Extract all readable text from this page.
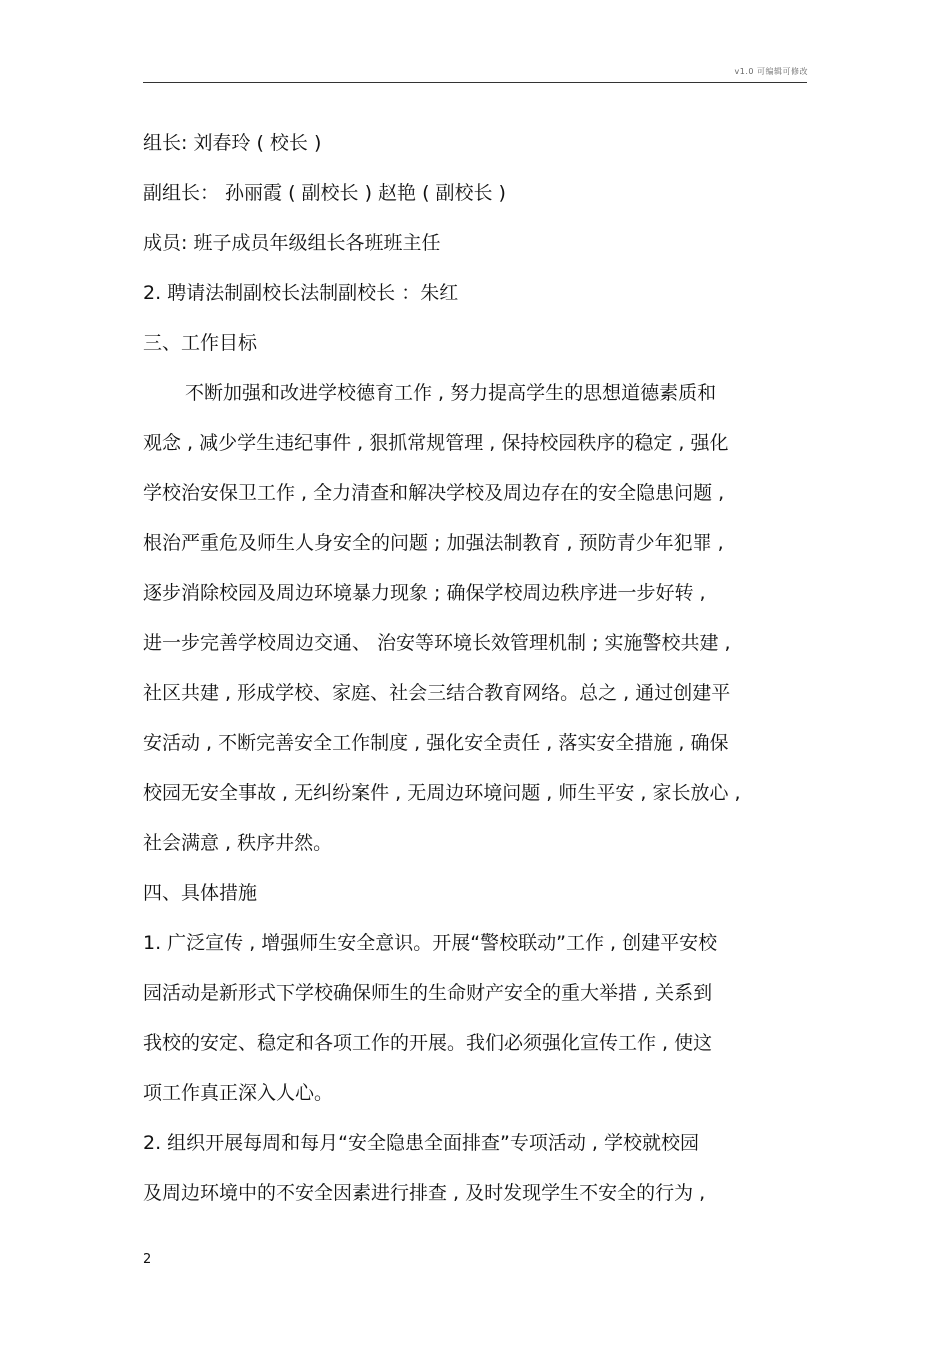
v1.0 可编辑可修改
组长: 刘春玲 ( 校长 )
副组长： 孙丽霞 ( 副校长 ) 赵艳 ( 副校长 )
成员: 班子成员年级组长各班班主任
2. 聘请法制副校长法制副校长 ：朱红
三、工作目标
不断加强和改进学校德育工作 , 努力提高学生的思想道德素质和
观念 , 减少学生违纪事件 , 狠抓常规管理 , 保持校园秩序的稳定 , 强化
学校治安保卫工作 , 全力清查和解决学校及周边存在的安全隐患问题 ,
根治严重危及师生人身安全的问题 ; 加强法制教育 , 预防青少年犯罪 ,
逐步消除校园及周边环境暴力现象 ; 确保学校周边秩序进一步好转 ,
进一步完善学校周边交通、 治安等环境长效管理机制 ; 实施警校共建 ,
社区共建 , 形成学校、家庭、社会三结合教育网络。总之 , 通过创建平
安活动 , 不断完善安全工作制度 , 强化安全责任 , 落实安全措施 , 确保
校园无安全事故 , 无纠纷案件 , 无周边环境问题 , 师生平安 , 家长放心 ,
社会满意 , 秩序井然。
四、具体措施
1. 广泛宣传 , 增强师生安全意识。开展“警校联动”工作 , 创建平安校
园活动是新形式下学校确保师生的生命财产安全的重大举措 , 关系到
我校的安定、稳定和各项工作的开展。我们必须强化宣传工作 , 使这
项工作真正深入人心。
2. 组织开展每周和每月“安全隐患全面排查”专项活动 , 学校就校园
及周边环境中的不安全因素进行排查 , 及时发现学生不安全的行为 ,
2
